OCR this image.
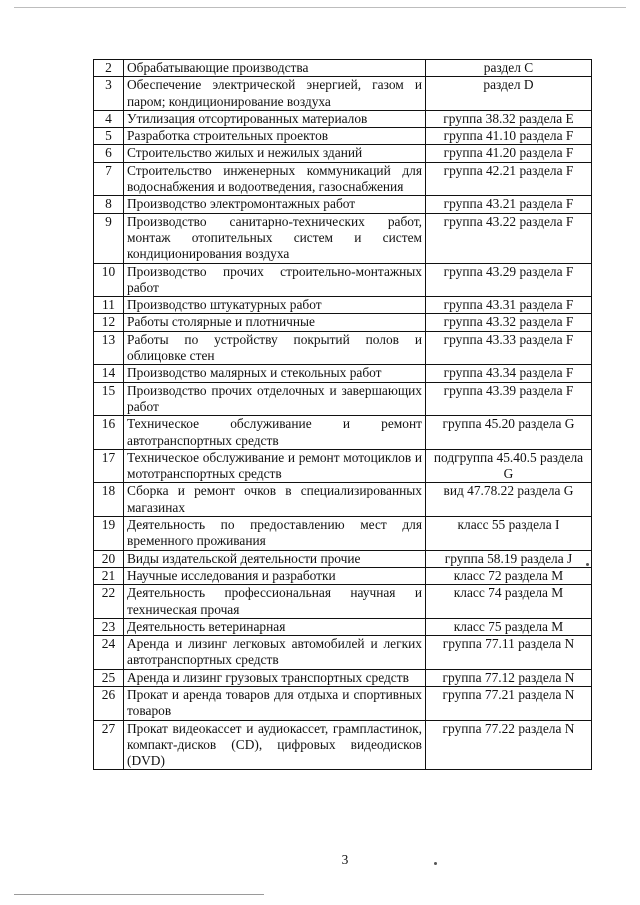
2	Обрабатывающие производства	раздел C
3	Обеспечение электрической энергией, газом и паром; кондиционирование воздуха	раздел D
4	Утилизация отсортированных материалов	группа 38.32 раздела E
5	Разработка строительных проектов	группа 41.10 раздела F
6	Строительство жилых и нежилых зданий	группа 41.20 раздела F
7	Строительство инженерных коммуникаций для водоснабжения и водоотведения, газоснабжения	группа 42.21 раздела F
8	Производство электромонтажных работ	группа 43.21 раздела F
9	Производство санитарно-технических работ, монтаж отопительных систем и систем кондиционирования воздуха	группа 43.22 раздела F
10	Производство прочих строительно-монтажных работ	группа 43.29 раздела F
11	Производство штукатурных работ	группа 43.31 раздела F
12	Работы столярные и плотничные	группа 43.32 раздела F
13	Работы по устройству покрытий полов и облицовке стен	группа 43.33 раздела F
14	Производство малярных и стекольных работ	группа 43.34 раздела F
15	Производство прочих отделочных и завершающих работ	группа 43.39 раздела F
16	Техническое обслуживание и ремонт автотранспортных средств	группа 45.20 раздела G
17	Техническое обслуживание и ремонт мотоциклов и мототранспортных средств	подгруппа 45.40.5 раздела G
18	Сборка и ремонт очков в специализированных магазинах	вид 47.78.22 раздела G
19	Деятельность по предоставлению мест для временного проживания	класс 55 раздела I
20	Виды издательской деятельности прочие	группа 58.19 раздела J
21	Научные исследования и разработки	класс 72 раздела M
22	Деятельность профессиональная научная и техническая прочая	класс 74 раздела M
23	Деятельность ветеринарная	класс 75 раздела M
24	Аренда и лизинг легковых автомобилей и легких автотранспортных средств	группа 77.11 раздела N
25	Аренда и лизинг грузовых транспортных средств	группа 77.12 раздела N
26	Прокат и аренда товаров для отдыха и спортивных товаров	группа 77.21 раздела N
27	Прокат видеокассет и аудиокассет, грампластинок, компакт-дисков (CD), цифровых видеодисков (DVD)	группа 77.22 раздела N
3
